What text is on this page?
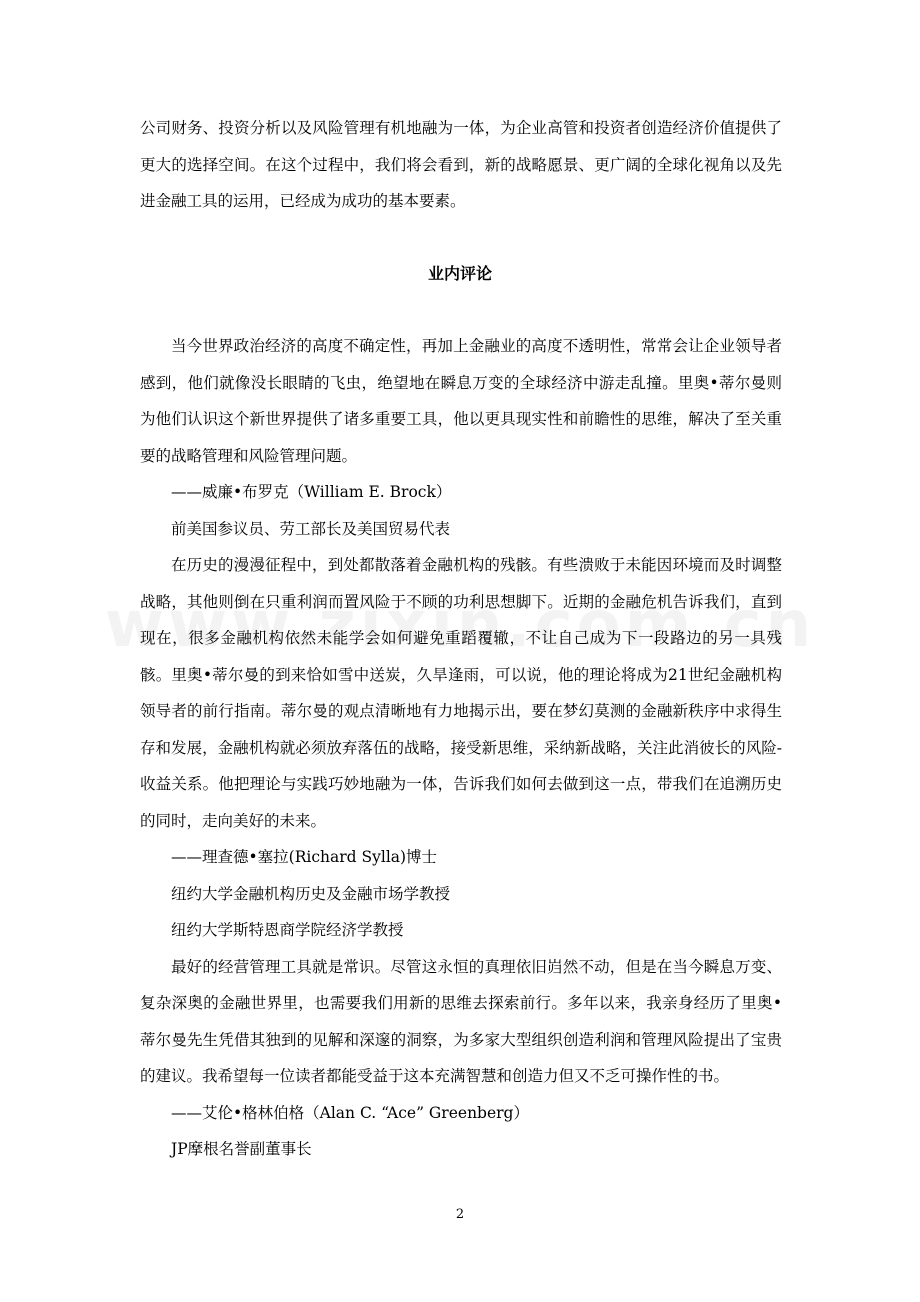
公司财务、投资分析以及风险管理有机地融为一体，为企业高管和投资者创造经济价值提供了更大的选择空间。在这个过程中，我们将会看到，新的战略愿景、更广阔的全球化视角以及先进金融工具的运用，已经成为成功的基本要素。

业内评论

当今世界政治经济的高度不确定性，再加上金融业的高度不透明性，常常会让企业领导者感到，他们就像没长眼睛的飞虫，绝望地在瞬息万变的全球经济中游走乱撞。里奥•蒂尔曼则为他们认识这个新世界提供了诸多重要工具，他以更具现实性和前瞻性的思维，解决了至关重要的战略管理和风险管理问题。

——威廉•布罗克（William E. Brock）

前美国参议员、劳工部长及美国贸易代表

在历史的漫漫征程中，到处都散落着金融机构的残骸。有些溃败于未能因环境而及时调整战略，其他则倒在只重利润而置风险于不顾的功利思想脚下。近期的金融危机告诉我们，直到现在，很多金融机构依然未能学会如何避免重蹈覆辙，不让自己成为下一段路边的另一具残骸。里奥•蒂尔曼的到来恰如雪中送炭，久旱逢雨，可以说，他的理论将成为21世纪金融机构领导者的前行指南。蒂尔曼的观点清晰地有力地揭示出，要在梦幻莫测的金融新秩序中求得生存和发展，金融机构就必须放弃落伍的战略，接受新思维，采纳新战略，关注此消彼长的风险-收益关系。他把理论与实践巧妙地融为一体，告诉我们如何去做到这一点，带我们在追溯历史的同时，走向美好的未来。

——理查德•塞拉(Richard Sylla)博士

纽约大学金融机构历史及金融市场学教授

纽约大学斯特恩商学院经济学教授

最好的经营管理工具就是常识。尽管这永恒的真理依旧岿然不动，但是在当今瞬息万变、复杂深奥的金融世界里，也需要我们用新的思维去探索前行。多年以来，我亲身经历了里奥•蒂尔曼先生凭借其独到的见解和深邃的洞察，为多家大型组织创造利润和管理风险提出了宝贵的建议。我希望每一位读者都能受益于这本充满智慧和创造力但又不乏可操作性的书。

——艾伦•格林伯格（Alan C. “Ace” Greenberg）

JP摩根名誉副董事长

2
